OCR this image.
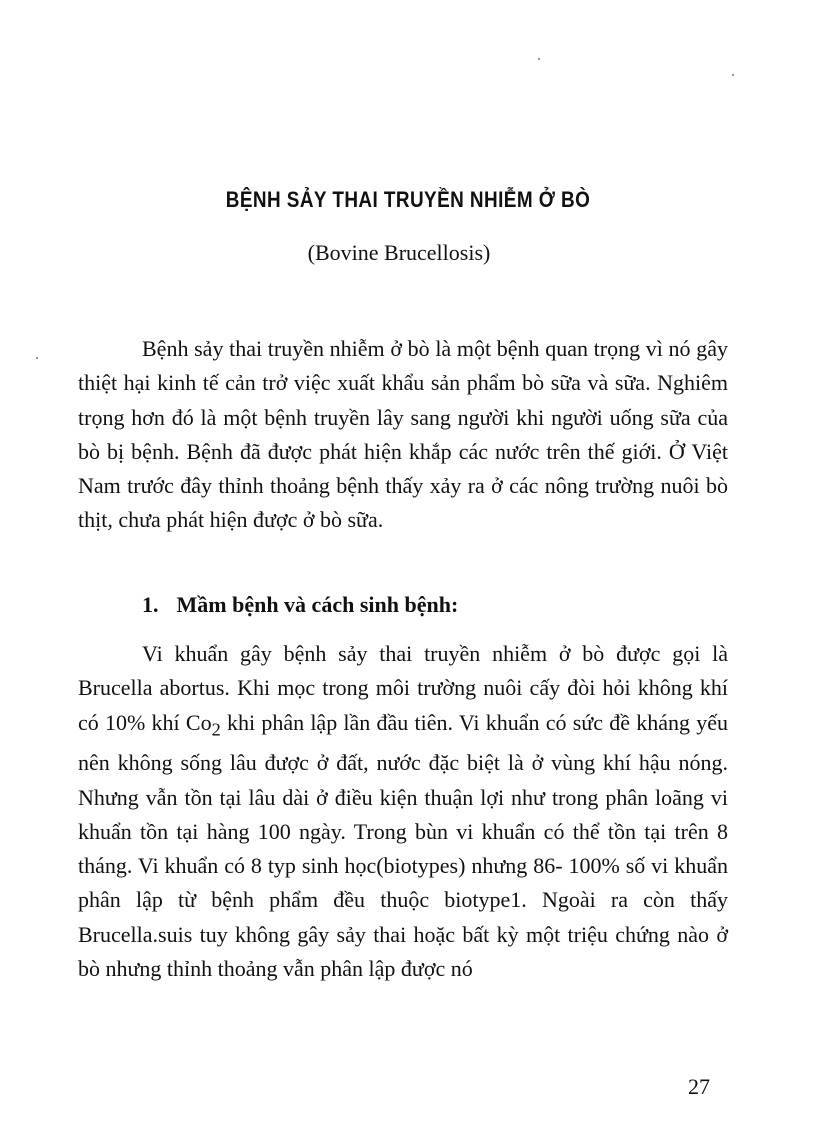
BỆNH SẢY THAI TRUYỀN NHIỄM Ở BÒ

(Bovine Brucellosis)

Bệnh sảy thai truyền nhiễm ở bò là một bệnh quan trọng vì nó gây thiệt hại kinh tế cản trở việc xuất khẩu sản phẩm bò sữa và sữa. Nghiêm trọng hơn đó là một bệnh truyền lây sang người khi người uống sữa của bò bị bệnh. Bệnh đã được phát hiện khắp các nước trên thế giới. Ở Việt Nam trước đây thỉnh thoảng bệnh thấy xảy ra ở các nông trường nuôi bò thịt, chưa phát hiện được ở bò sữa.

1. Mầm bệnh và cách sinh bệnh:

Vi khuẩn gây bệnh sảy thai truyền nhiễm ở bò được gọi là Brucella abortus. Khi mọc trong môi trường nuôi cấy đòi hỏi không khí có 10% khí $Co_2$ khi phân lập lần đầu tiên. Vi khuẩn có sức đề kháng yếu nên không sống lâu được ở đất, nước đặc biệt là ở vùng khí hậu nóng. Nhưng vẫn tồn tại lâu dài ở điều kiện thuận lợi như trong phân loãng vi khuẩn tồn tại hàng 100 ngày. Trong bùn vi khuẩn có thể tồn tại trên 8 tháng. Vi khuẩn có 8 typ sinh học(biotypes) nhưng 86- 100% số vi khuẩn phân lập từ bệnh phẩm đều thuộc biotype1. Ngoài ra còn thấy Brucella.suis tuy không gây sảy thai hoặc bất kỳ một triệu chứng nào ở bò nhưng thỉnh thoảng vẫn phân lập được nó

27
